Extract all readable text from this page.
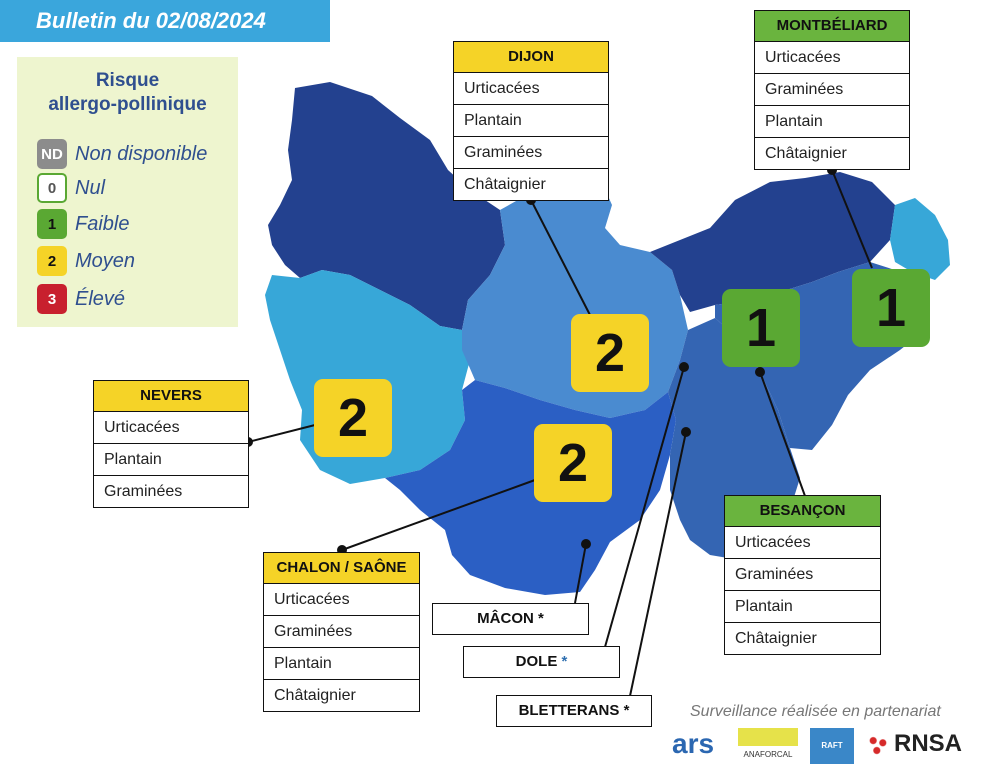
Bulletin du 02/08/2024
Risque
allergo-pollinique
ND Non disponible
0 Nul
1 Faible
2 Moyen
3 Élevé
2
2
2
1	1
DIJON
Urticacées
Plantain
Graminées
Châtaignier
MONTBÉLIARD
Urticacées
Graminées
Plantain
Châtaignier
NEVERS
Urticacées
Plantain
Graminées
CHALON / SAÔNE
Urticacées
Graminées
Plantain
Châtaignier
BESANÇON
Urticacées
Graminées
Plantain
Châtaignier
MÂCON *
DOLE *
BLETTERANS *	Surveillance réalisée en partenariat
ars	ANAFORCAL
RAFT	RNSA
